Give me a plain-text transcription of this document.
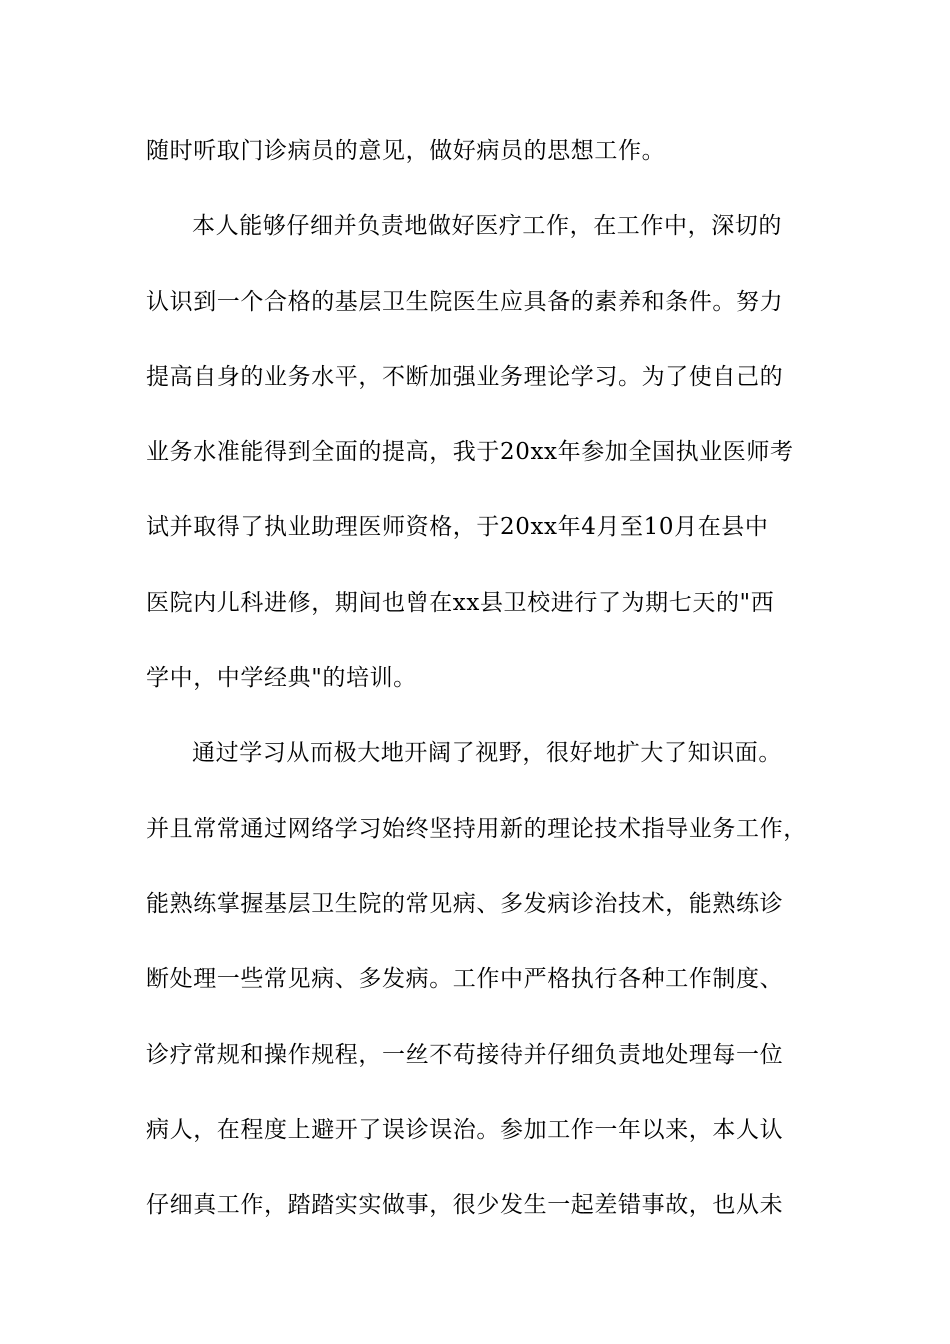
随时听取门诊病员的意见，做好病员的思想工作。
本人能够仔细并负责地做好医疗工作，在工作中，深切的
认识到一个合格的基层卫生院医生应具备的素养和条件。努力
提高自身的业务水平，不断加强业务理论学习。为了使自己的
业务水准能得到全面的提高，我于20xx年参加全国执业医师考
试并取得了执业助理医师资格，于20xx年4月至10月在县中
医院内儿科进修，期间也曾在xx县卫校进行了为期七天的"西
学中，中学经典"的培训。
通过学习从而极大地开阔了视野，很好地扩大了知识面。
并且常常通过网络学习始终坚持用新的理论技术指导业务工作，
能熟练掌握基层卫生院的常见病、多发病诊治技术，能熟练诊
断处理一些常见病、多发病。工作中严格执行各种工作制度、
诊疗常规和操作规程，一丝不苟接待并仔细负责地处理每一位
病人，在程度上避开了误诊误治。参加工作一年以来，本人认
仔细真工作，踏踏实实做事，很少发生一起差错事故，也从未
